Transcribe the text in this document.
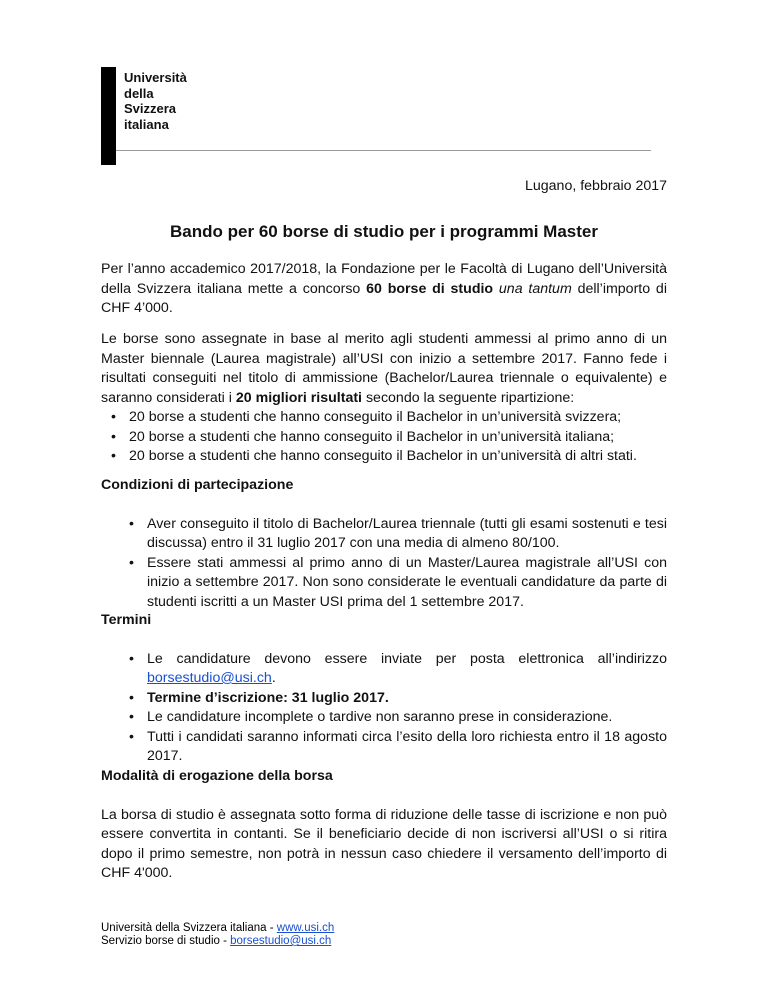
Università
della
Svizzera
italiana
Lugano, febbraio 2017
Bando per 60 borse di studio per i programmi Master

Per l’anno accademico 2017/2018, la Fondazione per le Facoltà di Lugano dell’Università della Svizzera italiana mette a concorso 60 borse di studio una tantum dell’importo di CHF 4’000.

Le borse sono assegnate in base al merito agli studenti ammessi al primo anno di un Master biennale (Laurea magistrale) all’USI con inizio a settembre 2017. Fanno fede i risultati conseguiti nel titolo di ammissione (Bachelor/Laurea triennale o equivalente) e saranno considerati i 20 migliori risultati secondo la seguente ripartizione:

• 20 borse a studenti che hanno conseguito il Bachelor in un’università svizzera;
• 20 borse a studenti che hanno conseguito il Bachelor in un’università italiana;
• 20 borse a studenti che hanno conseguito il Bachelor in un’università di altri stati.

Condizioni di partecipazione

• Aver conseguito il titolo di Bachelor/Laurea triennale (tutti gli esami sostenuti e tesi discussa) entro il 31 luglio 2017 con una media di almeno 80/100.
• Essere stati ammessi al primo anno di un Master/Laurea magistrale all’USI con inizio a settembre 2017. Non sono considerate le eventuali candidature da parte di studenti iscritti a un Master USI prima del 1 settembre 2017.

Termini

• Le candidature devono essere inviate per posta elettronica all’indirizzo borsestudio@usi.ch.
• Termine d’iscrizione: 31 luglio 2017.
• Le candidature incomplete o tardive non saranno prese in considerazione.
• Tutti i candidati saranno informati circa l’esito della loro richiesta entro il 18 agosto 2017.

Modalità di erogazione della borsa

La borsa di studio è assegnata sotto forma di riduzione delle tasse di iscrizione e non può essere convertita in contanti. Se il beneficiario decide di non iscriversi all’USI o si ritira dopo il primo semestre, non potrà in nessun caso chiedere il versamento dell’importo di CHF 4'000.

Università della Svizzera italiana - www.usi.ch
Servizio borse di studio - borsestudio@usi.ch
